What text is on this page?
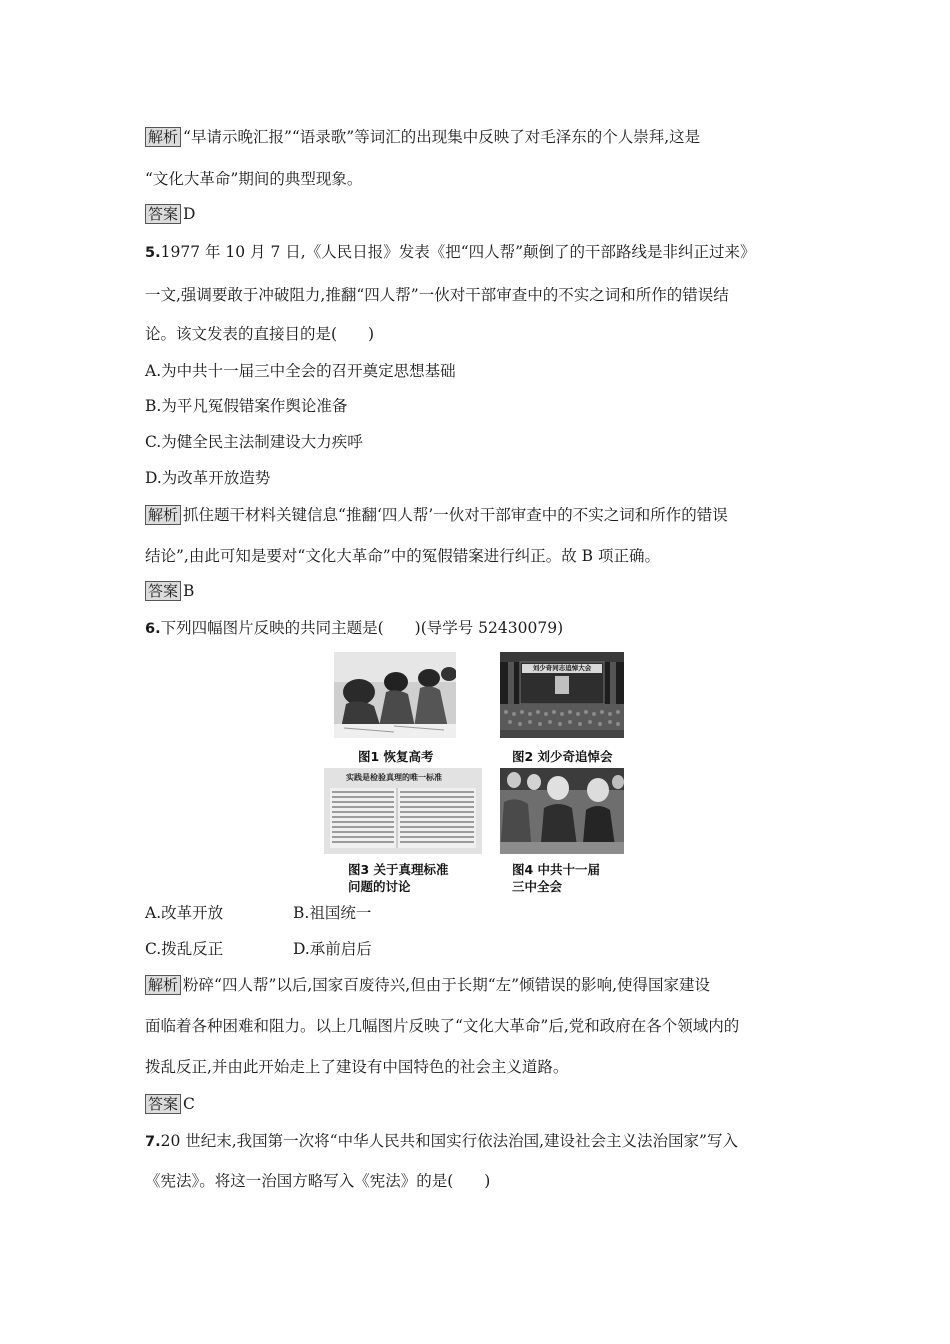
解析 “早请示晚汇报”“语录歌”等词汇的出现集中反映了对毛泽东的个人崇拜,这是
“文化大革命”期间的典型现象。
答案 D
5.1977 年 10 月 7 日,《人民日报》发表《把“四人帮”颠倒了的干部路线是非纠正过来》
一文,强调要敢于冲破阻力,推翻“四人帮”一伙对干部审查中的不实之词和所作的错误结
论。该文发表的直接目的是(　　)
A.为中共十一届三中全会的召开奠定思想基础
B.为平凡冤假错案作舆论准备
C.为健全民主法制建设大力疾呼
D.为改革开放造势
解析 抓住题干材料关键信息“推翻‘四人帮’一伙对干部审查中的不实之词和所作的错误
结论”,由此可知是要对“文化大革命”中的冤假错案进行纠正。故 B 项正确。
答案 B
6.下列四幅图片反映的共同主题是(　　)(导学号 52430079)
图1 恢复高考
刘少奇同志追悼大会
图2 刘少奇追悼会
实践是检验真理的唯一标准
图3 关于真理标准
问题的讨论
图4 中共十一届
三中全会
A.改革开放	B.祖国统一
C.拨乱反正	D.承前启后
解析 粉碎“四人帮”以后,国家百废待兴,但由于长期“左”倾错误的影响,使得国家建设
面临着各种困难和阻力。以上几幅图片反映了“文化大革命”后,党和政府在各个领域内的
拨乱反正,并由此开始走上了建设有中国特色的社会主义道路。
答案 C
7.20 世纪末,我国第一次将“中华人民共和国实行依法治国,建设社会主义法治国家”写入
《宪法》。将这一治国方略写入《宪法》的是(　　)
